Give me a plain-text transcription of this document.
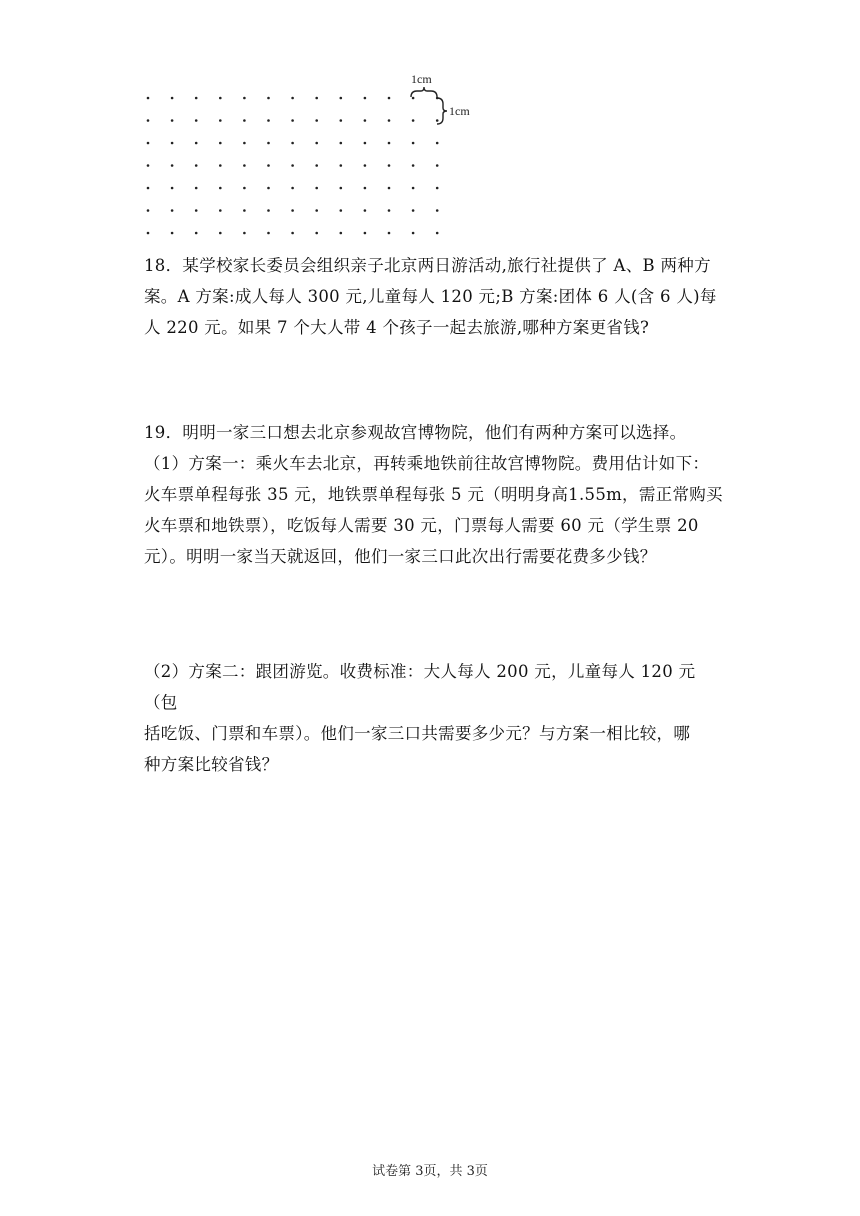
1cm
1cm

18．某学校家长委员会组织亲子北京两日游活动,旅行社提供了 A、B 两种方

案。A 方案:成人每人 300 元,儿童每人 120 元;B 方案:团体 6 人(含 6 人)每

人 220 元。如果 7 个大人带 4 个孩子一起去旅游,哪种方案更省钱?

19．明明一家三口想去北京参观故宫博物院，他们有两种方案可以选择。

（1）方案一：乘火车去北京，再转乘地铁前往故宫博物院。费用估计如下：

火车票单程每张 35 元，地铁票单程每张 5 元（明明身高1.55m，需正常购买

火车票和地铁票），吃饭每人需要 30 元，门票每人需要 60 元（学生票 20

元）。明明一家当天就返回，他们一家三口此次出行需要花费多少钱？

（2）方案二：跟团游览。收费标准：大人每人 200 元，儿童每人 120 元（包

括吃饭、门票和车票）。他们一家三口共需要多少元？与方案一相比较，哪

种方案比较省钱？

试卷第 3页，共 3页
